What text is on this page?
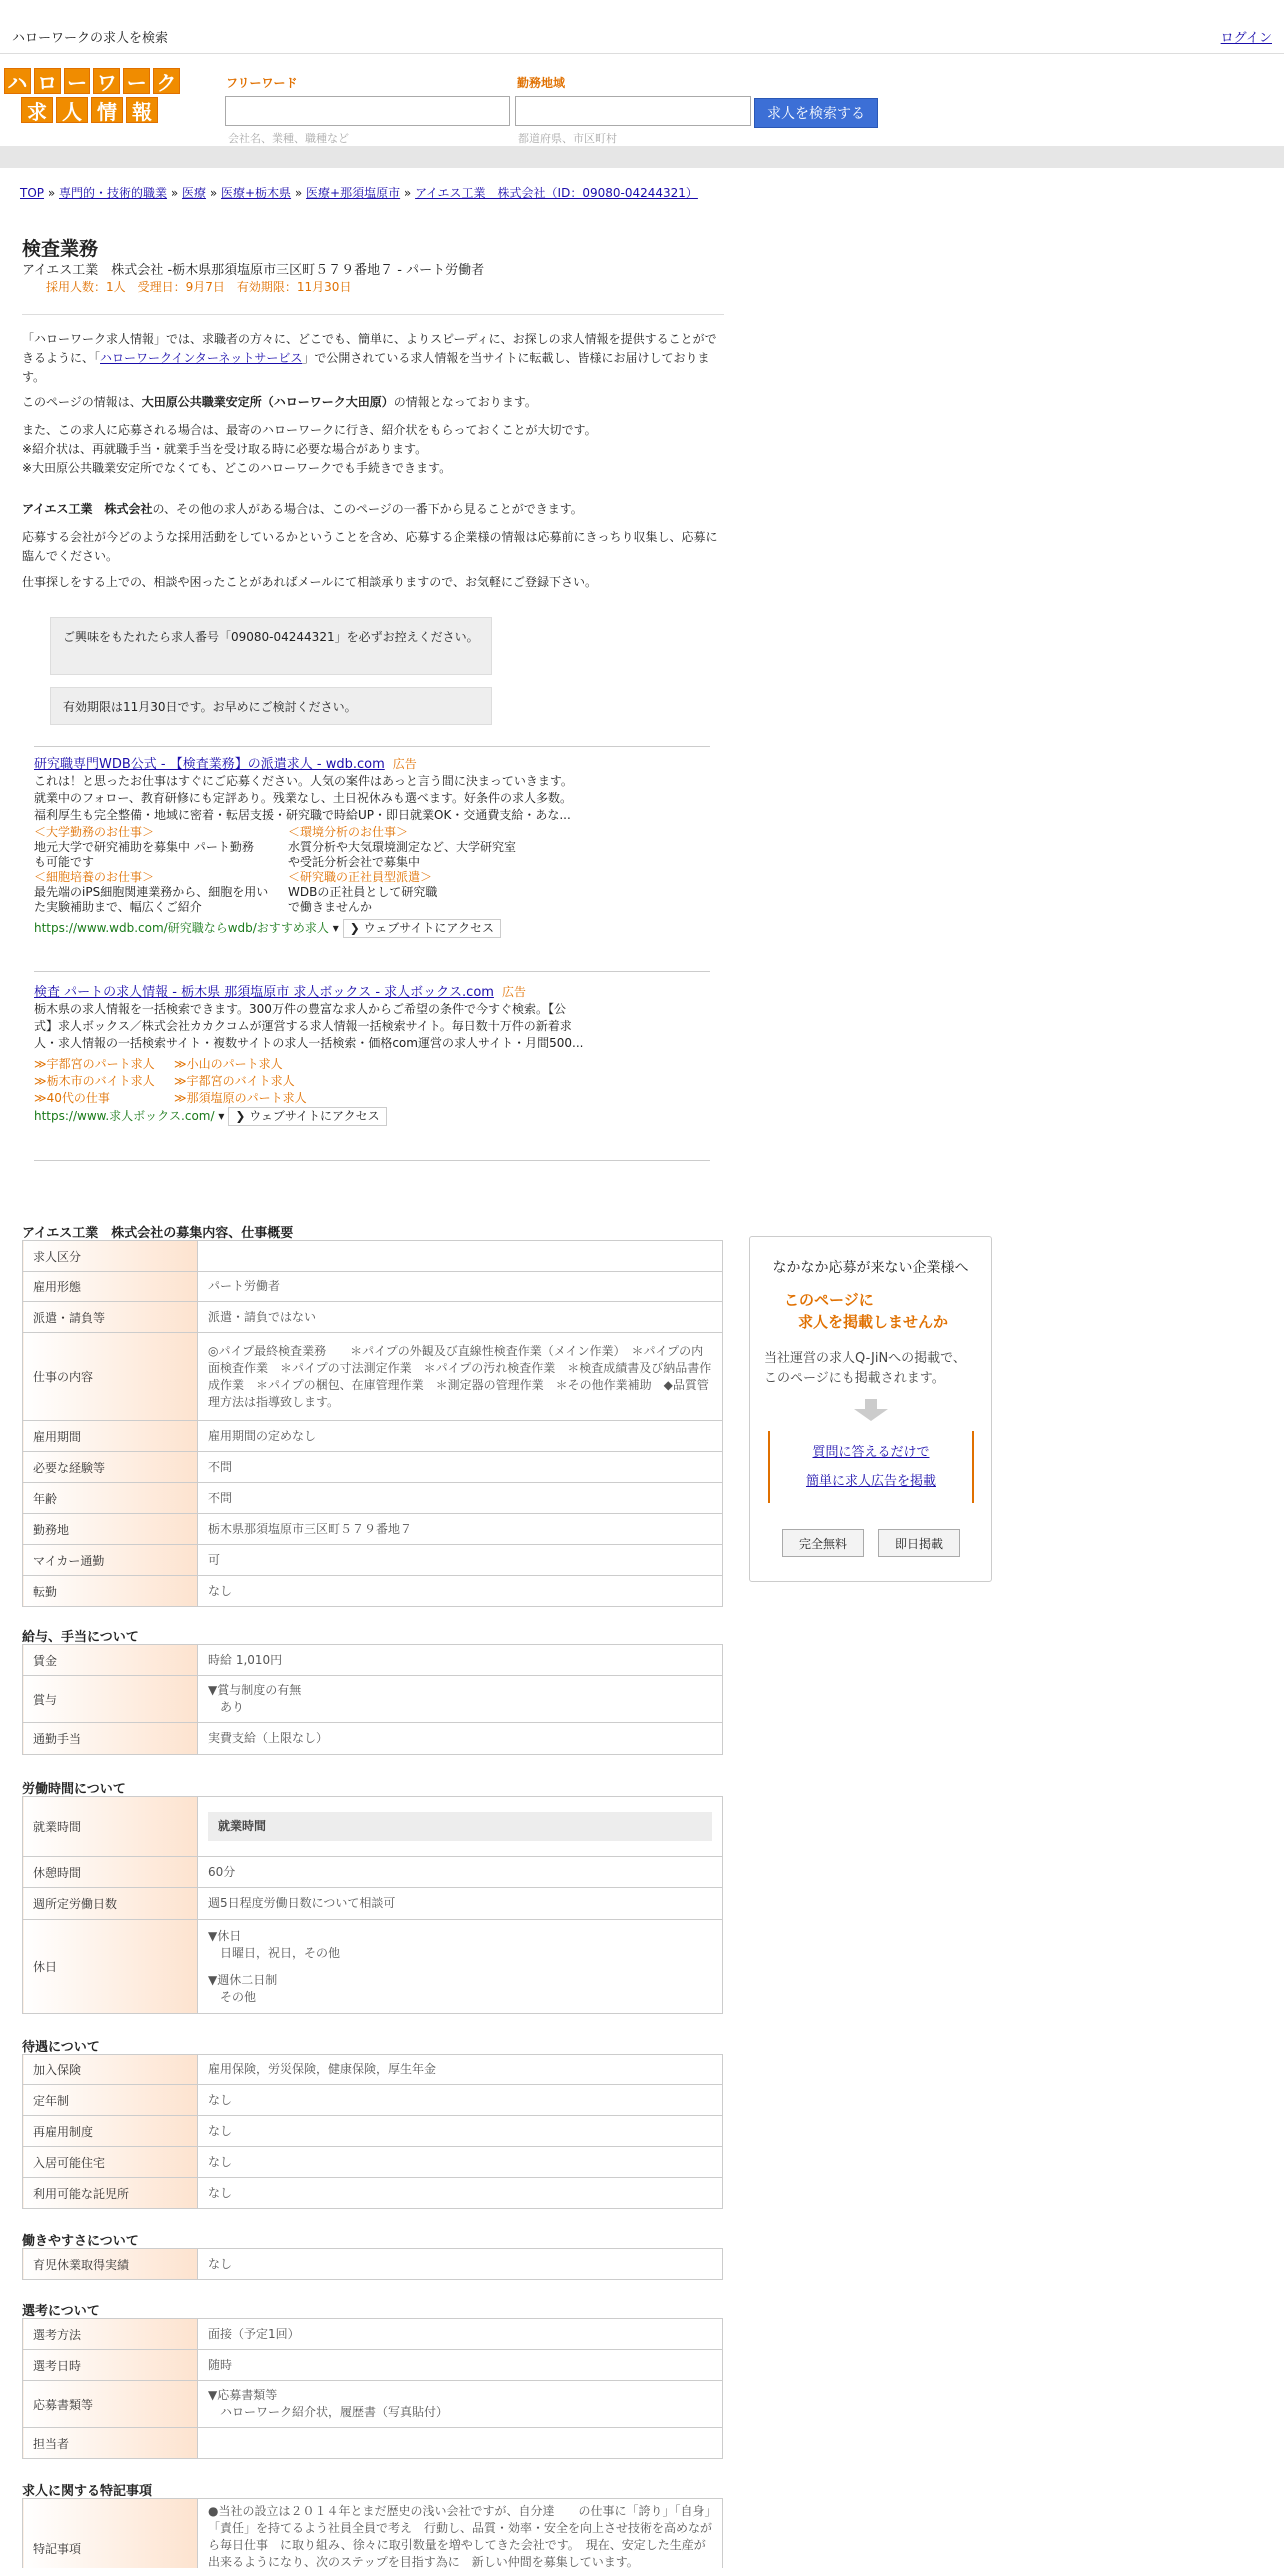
ハローワークの求人を検索	ログイン
ハ ロ ー ワ ー ク
求 人 情 報
フリーワード
会社名、業種、職種など
勤務地域
都道府県、市区町村
求人を検索する
TOP » 専門的・技術的職業 » 医療 » 医療+栃木県 » 医療+那須塩原市 » アイエス工業　株式会社（ID：09080-04244321）
検査業務
アイエス工業　株式会社 -栃木県那須塩原市三区町５７９番地７ - パート労働者
採用人数：1人　受理日：9月7日　有効期限：11月30日
「ハローワーク求人情報」では、求職者の方々に、どこでも、簡単に、よりスピーディに、お探しの求人情報を提供することができるように、「ハローワークインターネットサービス」で公開されている求人情報を当サイトに転載し、皆様にお届けしております。
このページの情報は、大田原公共職業安定所（ハローワーク大田原）の情報となっております。
また、この求人に応募される場合は、最寄のハローワークに行き、紹介状をもらっておくことが大切です。
※紹介状は、再就職手当・就業手当を受け取る時に必要な場合があります。
※大田原公共職業安定所でなくても、どこのハローワークでも手続きできます。
アイエス工業　株式会社の、その他の求人がある場合は、このページの一番下から見ることができます。
応募する会社が今どのような採用活動をしているかということを含め、応募する企業様の情報は応募前にきっちり収集し、応募に臨んでください。
仕事探しをする上での、相談や困ったことがあればメールにて相談承りますので、お気軽にご登録下さい。
ご興味をもたれたら求人番号「09080-04244321」を必ずお控えください。
有効期限は11月30日です。お早めにご検討ください。
研究職専門WDB公式 - 【検査業務】の派遣求人 - wdb.com 広告
これは！と思ったお仕事はすぐにご応募ください。人気の案件はあっと言う間に決まっていきます。
就業中のフォロー、教育研修にも定評あり。残業なし、土日祝休みも選べます。好条件の求人多数。
福利厚生も完全整備・地域に密着・転居支援・研究職で時給UP・即日就業OK・交通費支給・あな...
＜大学勤務のお仕事＞
地元大学で研究補助を募集中 パート勤務も可能です
＜環境分析のお仕事＞
水質分析や大気環境測定など、大学研究室や受託分析会社で募集中
＜細胞培養のお仕事＞
最先端のiPS細胞関連業務から、細胞を用いた実験補助まで、幅広くご紹介
＜研究職の正社員型派遣＞
WDBの正社員として研究職で働きませんか
https://www.wdb.com/研究職ならwdb/おすすめ求人 ▾ ❯ ウェブサイトにアクセス
検査 パートの求人情報 - 栃木県 那須塩原市 求人ボックス - 求人ボックス.com 広告
栃木県の求人情報を一括検索できます。300万件の豊富な求人からご希望の条件で今すぐ検索。【公
式】求人ボックス／株式会社カカクコムが運営する求人情報一括検索サイト。毎日数十万件の新着求
人・求人情報の一括検索サイト・複数サイトの求人一括検索・価格com運営の求人サイト・月間500...
≫宇都宮のパート求人	≫小山のパート求人
≫栃木市のバイト求人	≫宇都宮のバイト求人
≫40代の仕事	≫那須塩原のパート求人
https://www.求人ボックス.com/ ▾ ❯ ウェブサイトにアクセス
アイエス工業　株式会社の募集内容、仕事概要
求人区分	
雇用形態	パート労働者
派遣・請負等	派遣・請負ではない
仕事の内容	◎パイプ最終検査業務　　＊パイプの外観及び直線性検査作業（メイン作業）　＊パイプの内面検査作業　＊パイプの寸法測定作業　＊パイプの汚れ検査作業　＊検査成績書及び納品書作成作業　＊パイプの梱包、在庫管理作業　＊測定器の管理作業　＊その他作業補助　◆品質管理方法は指導致します。
雇用期間	雇用期間の定めなし
必要な経験等	不問
年齢	不問
勤務地	栃木県那須塩原市三区町５７９番地７
マイカー通勤	可
転勤	なし
給与、手当について
賃金	時給 1,010円
賞与	▼賞与制度の有無
あり

通勤手当	実費支給（上限なし）
労働時間について
就業時間	就業時間

休憩時間	60分
週所定労働日数	週5日程度労働日数について相談可
休日	▼休日
日曜日，祝日，その他
▼週休二日制
その他
待遇について
加入保険	雇用保険，労災保険，健康保険，厚生年金
定年制	なし
再雇用制度	なし
入居可能住宅	なし
利用可能な託児所	なし
働きやすさについて
育児休業取得実績	なし
選考について
選考方法	面接（予定1回）
選考日時	随時
応募書類等	▼応募書類等
ハローワーク紹介状，履歴書（写真貼付）

担当者	
求人に関する特記事項
特記事項	●当社の設立は２０１４年とまだ歴史の浅い会社ですが、自分達　　の仕事に「誇り」「自身」「責任」を持てるよう社員全員で考え　行動し、品質・効率・安全を向上させ技術を高めながら毎日仕事　に取り組み、徐々に取引数量を増やしてきた会社です。　現在、安定した生産が出来るようになり、次のステップを目指す為に　新しい仲間を募集しています。
なかなか応募が来ない企業様へ
このページに
求人を掲載しませんか
当社運営の求人Q-JiNへの掲載で、
このページにも掲載されます。
質問に答えるだけで
簡単に求人広告を掲載
完全無料	即日掲載
